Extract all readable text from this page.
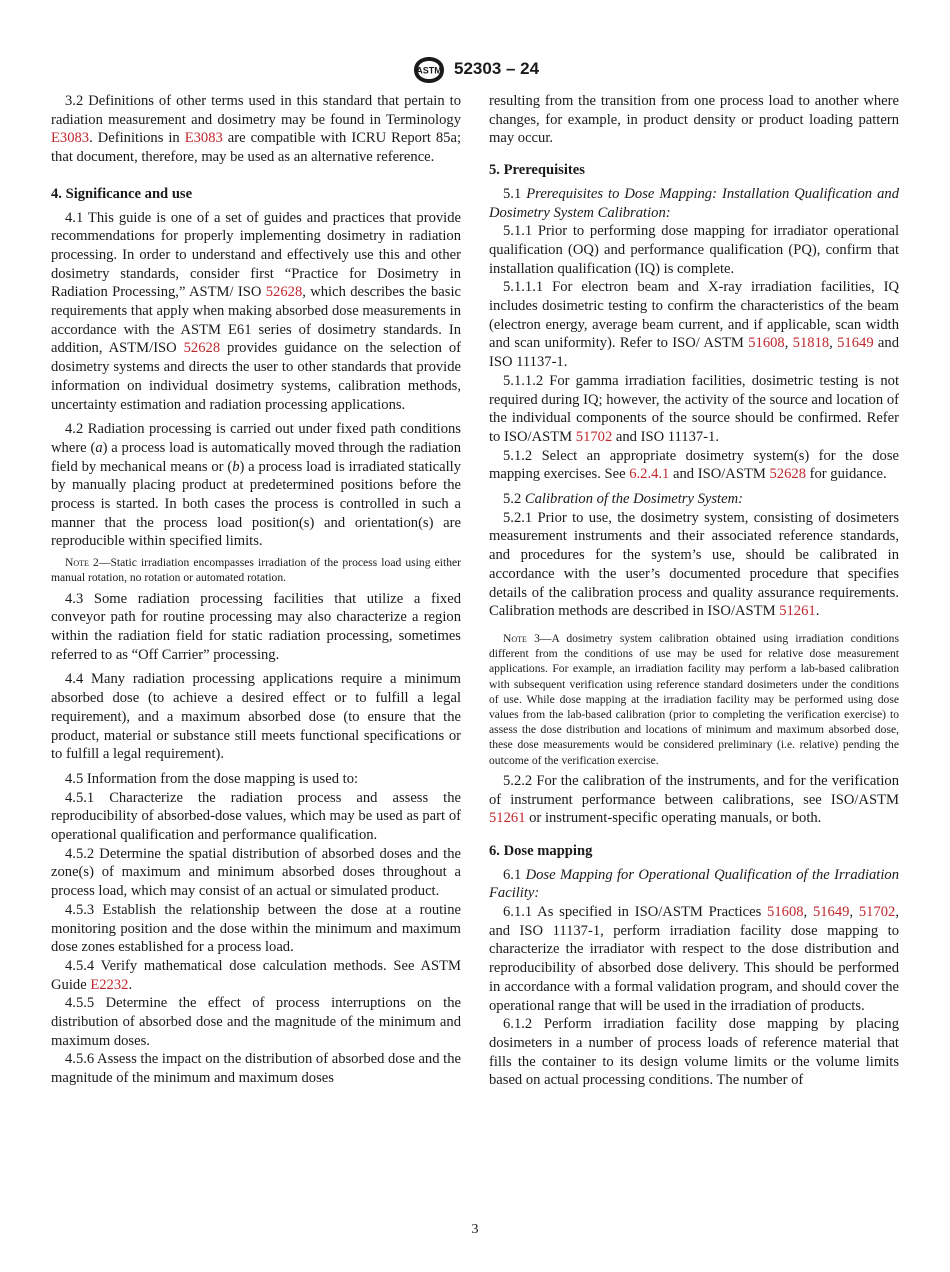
ASTM 52303 – 24

3.2 Definitions of other terms used in this standard that pertain to radiation measurement and dosimetry may be found in Terminology E3083. Definitions in E3083 are compatible with ICRU Report 85a; that document, therefore, may be used as an alternative reference.

4. Significance and use

4.1 This guide is one of a set of guides and practices that provide recommendations for properly implementing dosimetry in radiation processing. In order to understand and effectively use this and other dosimetry standards, consider first “Practice for Dosimetry in Radiation Processing,” ASTM/ ISO 52628, which describes the basic requirements that apply when making absorbed dose measurements in accordance with the ASTM E61 series of dosimetry standards. In addition, ASTM/ISO 52628 provides guidance on the selection of dosimetry systems and directs the user to other standards that provide information on individual dosimetry systems, calibration methods, uncertainty estimation and radiation processing applications.

4.2 Radiation processing is carried out under fixed path conditions where (a) a process load is automatically moved through the radiation field by mechanical means or (b) a process load is irradiated statically by manually placing product at predetermined positions before the process is started. In both cases the process is controlled in such a manner that the process load position(s) and orientation(s) are reproducible within specified limits.

Note 2—Static irradiation encompasses irradiation of the process load using either manual rotation, no rotation or automated rotation.

4.3 Some radiation processing facilities that utilize a fixed conveyor path for routine processing may also characterize a region within the radiation field for static radiation processing, sometimes referred to as “Off Carrier” processing.

4.4 Many radiation processing applications require a minimum absorbed dose (to achieve a desired effect or to fulfill a legal requirement), and a maximum absorbed dose (to ensure that the product, material or substance still meets functional specifications or to fulfill a legal requirement).

4.5 Information from the dose mapping is used to:

4.5.1 Characterize the radiation process and assess the reproducibility of absorbed-dose values, which may be used as part of operational qualification and performance qualification.

4.5.2 Determine the spatial distribution of absorbed doses and the zone(s) of maximum and minimum absorbed doses throughout a process load, which may consist of an actual or simulated product.

4.5.3 Establish the relationship between the dose at a routine monitoring position and the dose within the minimum and maximum dose zones established for a process load.

4.5.4 Verify mathematical dose calculation methods. See ASTM Guide E2232.

4.5.5 Determine the effect of process interruptions on the distribution of absorbed dose and the magnitude of the minimum and maximum doses.

4.5.6 Assess the impact on the distribution of absorbed dose and the magnitude of the minimum and maximum doses

resulting from the transition from one process load to another where changes, for example, in product density or product loading pattern may occur.

5. Prerequisites

5.1 Prerequisites to Dose Mapping: Installation Qualification and Dosimetry System Calibration:

5.1.1 Prior to performing dose mapping for irradiator operational qualification (OQ) and performance qualification (PQ), confirm that installation qualification (IQ) is complete.

5.1.1.1 For electron beam and X-ray irradiation facilities, IQ includes dosimetric testing to confirm the characteristics of the beam (electron energy, average beam current, and if applicable, scan width and scan uniformity). Refer to ISO/ ASTM 51608, 51818, 51649 and ISO 11137-1.

5.1.1.2 For gamma irradiation facilities, dosimetric testing is not required during IQ; however, the activity of the source and location of the individual components of the source should be confirmed. Refer to ISO/ASTM 51702 and ISO 11137-1.

5.1.2 Select an appropriate dosimetry system(s) for the dose mapping exercises. See 6.2.4.1 and ISO/ASTM 52628 for guidance.

5.2 Calibration of the Dosimetry System:

5.2.1 Prior to use, the dosimetry system, consisting of dosimeters measurement instruments and their associated reference standards, and procedures for the system’s use, should be calibrated in accordance with the user’s documented procedure that specifies details of the calibration process and quality assurance requirements. Calibration methods are described in ISO/ASTM 51261.

Note 3—A dosimetry system calibration obtained using irradiation conditions different from the conditions of use may be used for relative dose measurement applications. For example, an irradiation facility may perform a lab-based calibration with subsequent verification using reference standard dosimeters under the conditions of use. While dose mapping at the irradiation facility may be performed using dose values from the lab-based calibration (prior to completing the verification exercise) to assess the dose distribution and locations of minimum and maximum absorbed dose, these dose measurements would be considered preliminary (i.e. relative) pending the outcome of the verification exercise.

5.2.2 For the calibration of the instruments, and for the verification of instrument performance between calibrations, see ISO/ASTM 51261 or instrument-specific operating manuals, or both.

6. Dose mapping

6.1 Dose Mapping for Operational Qualification of the Irradiation Facility:

6.1.1 As specified in ISO/ASTM Practices 51608, 51649, 51702, and ISO 11137-1, perform irradiation facility dose mapping to characterize the irradiator with respect to the dose distribution and reproducibility of absorbed dose delivery. This should be performed in accordance with a formal validation program, and should cover the operational range that will be used in the irradiation of products.

6.1.2 Perform irradiation facility dose mapping by placing dosimeters in a number of process loads of reference material that fills the container to its design volume limits or the volume limits based on actual processing conditions. The number of

3
